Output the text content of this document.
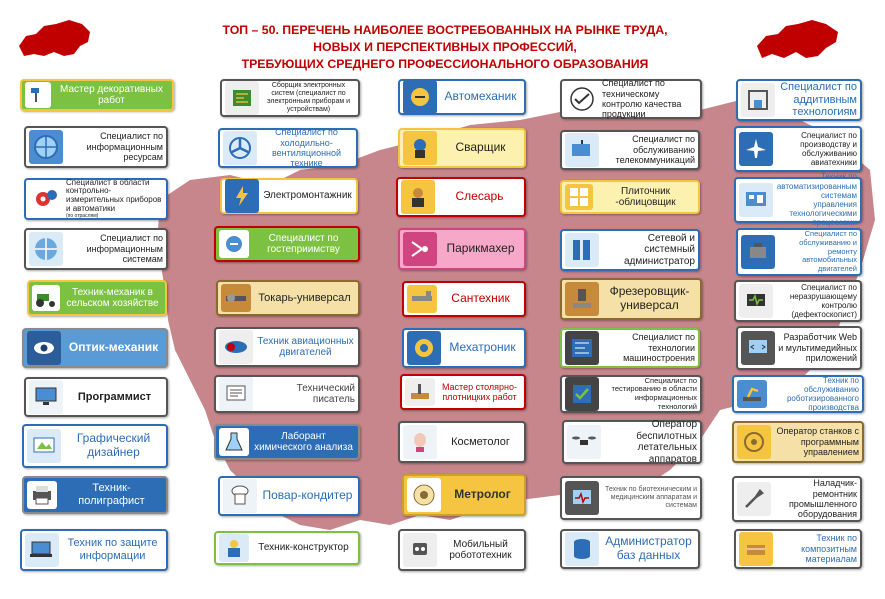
ТОП – 50. ПЕРЕЧЕНЬ НАИБОЛЕЕ ВОСТРЕБОВАННЫХ НА РЫНКЕ ТРУДА,
НОВЫХ И ПЕРСПЕКТИВНЫХ ПРОФЕССИЙ,
ТРЕБУЮЩИХ СРЕДНЕГО ПРОФЕССИОНАЛЬНОГО ОБРАЗОВАНИЯ
Мастер декоративных работ
Специалист по информационным ресурсам
Специалист в области контрольно-измерительных приборов и автоматики
(по отраслям)
Специалист по информационным системам
Техник-механик в сельском хозяйстве
Оптик-механик
Программист
Графический дизайнер
Техник-полиграфист
Техник по защите информации
Сборщик электронных систем (специалист по электронным приборам и устройствам)
Специалист по холодильно-вентиляционной технике
Электромонтажник
Специалист по гостеприимству
Токарь-универсал
Техник авиационных двигателей
Технический писатель
Лаборант химического анализа
Повар-кондитер
Техник-конструктор
Автомеханик
Сварщик
Слесарь
Парикмахер
Сантехник
Мехатроник
Мастер столярно-плотницких работ
Косметолог
Метролог
Мобильный робототехник
Специалист по техническому контролю качества продукции
Специалист по обслуживанию телекоммуникаций
Плиточник -облицовщик
Сетевой и системный администратор
Фрезеровщик-универсал
Специалист по технологии машиностроения
Специалист по тестированию в области информационных технологий
Оператор беспилотных летательных аппаратов
Техник по биотехническим и медицинским аппаратам и системам
Администратор баз данных
Специалист по аддитивным технологиям
Специалист по производству и обслуживанию авиатехники
Техник по автоматизированным системам управления технологическими процессами
Специалист по обслуживанию и ремонту автомобильных двигателей
Специалист по неразрушающему контролю (дефектоскопист)
Разработчик Web и мультимедийных приложений
Техник по обслуживанию роботизированного производства
Оператор станков с программным управлением
Наладчик-ремонтник промышленного оборудования
Техник по композитным материалам
